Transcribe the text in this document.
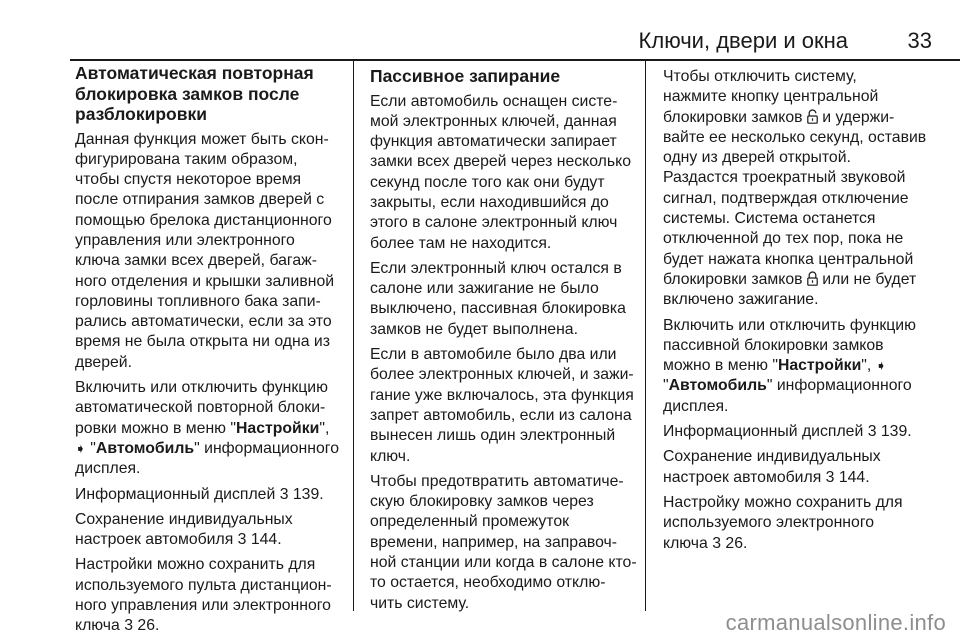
Ключи, двери и окна	33
Автоматическая повторная
блокировка замков после
разблокировки

Данная функция может быть скон-
фигурирована таким образом,
чтобы спустя некоторое время
после отпирания замков дверей с
помощью брелока дистанционного
управления или электронного
ключа замки всех дверей, багаж-
ного отделения и крышки заливной
горловины топливного бака запи-
рались автоматически, если за это
время не была открыта ни одна из
дверей.

Включить или отключить функцию
автоматической повторной блоки-
ровки можно в меню "Настройки",
➧ "Автомобиль" информационного
дисплея.

Информационный дисплей 3 139.

Сохранение индивидуальных
настроек автомобиля 3 144.

Настройки можно сохранить для
используемого пульта дистанцион-
ного управления или электронного
ключа 3 26.

Пассивное запирание

Если автомобиль оснащен систе-
мой электронных ключей, данная
функция автоматически запирает
замки всех дверей через несколько
секунд после того как они будут
закрыты, если находившийся до
этого в салоне электронный ключ
более там не находится.

Если электронный ключ остался в
салоне или зажигание не было
выключено, пассивная блокировка
замков не будет выполнена.

Если в автомобиле было два или
более электронных ключей, и зажи-
гание уже включалось, эта функция
запрет автомобиль, если из салона
вынесен лишь один электронный
ключ.

Чтобы предотвратить автоматиче-
скую блокировку замков через
определенный промежуток
времени, например, на заправоч-
ной станции или когда в салоне кто-
то остается, необходимо отклю-
чить систему.

Чтобы отключить систему,
нажмите кнопку центральной
блокировки замков и удержи-
вайте ее несколько секунд, оставив
одну из дверей открытой.
Раздастся троекратный звуковой
сигнал, подтверждая отключение
системы. Система останется
отключенной до тех пор, пока не
будет нажата кнопка центральной
блокировки замков или не будет
включено зажигание.

Включить или отключить функцию
пассивной блокировки замков
можно в меню "Настройки", ➧
"Автомобиль" информационного
дисплея.

Информационный дисплей 3 139.

Сохранение индивидуальных
настроек автомобиля 3 144.

Настройку можно сохранить для
используемого электронного
ключа 3 26.

carmanualsonline.info
